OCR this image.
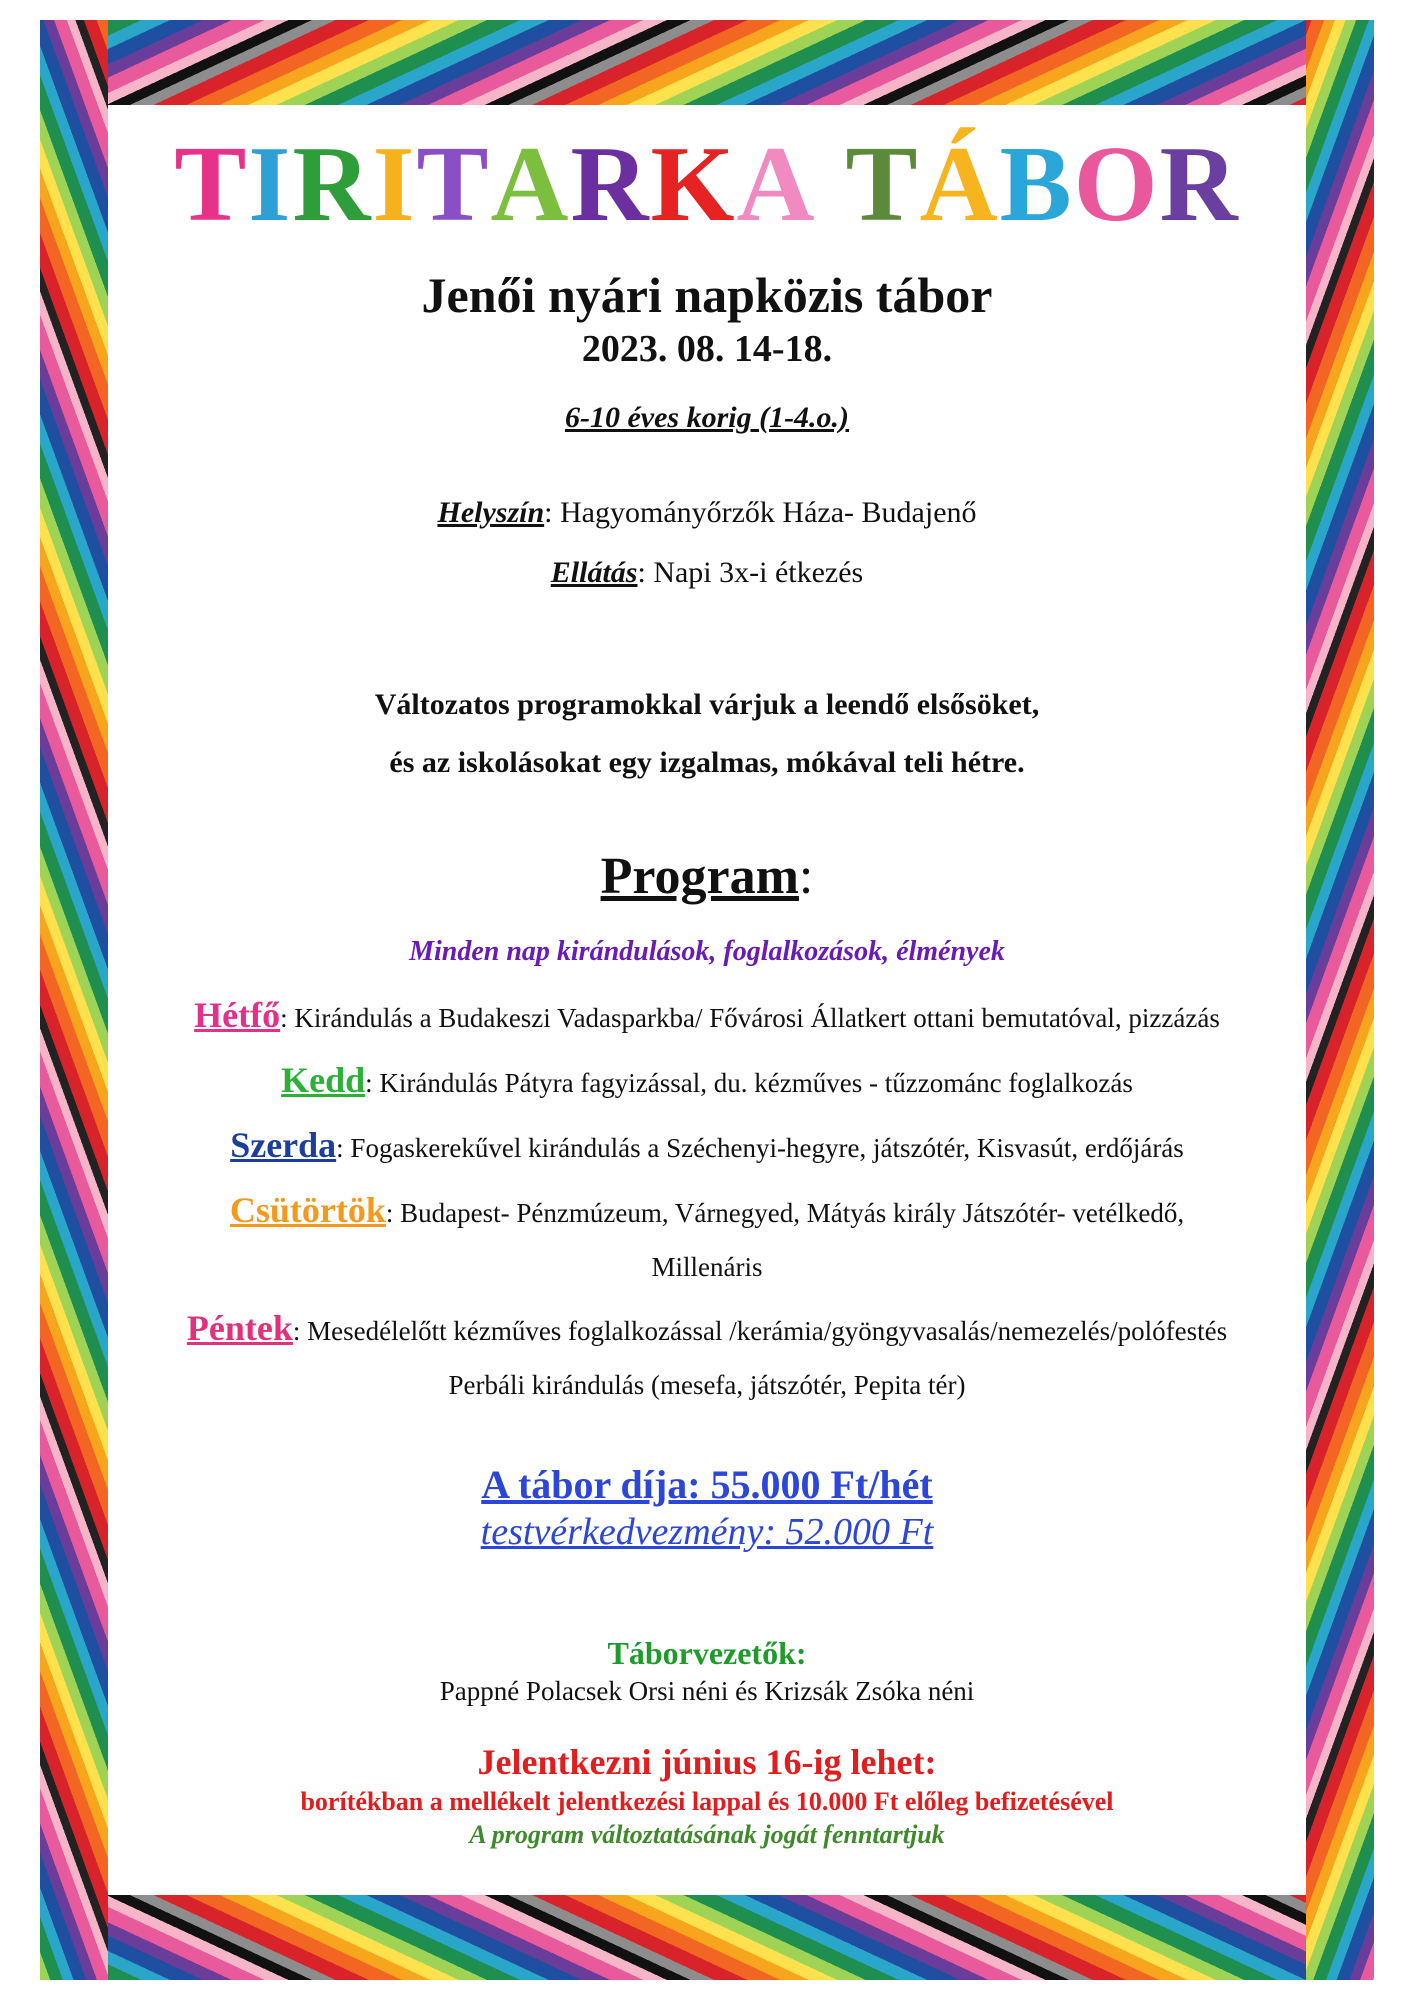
TIRITARKA TÁBOR
Jenői nyári napközis tábor
2023. 08. 14-18.
6-10 éves korig (1-4.o.)
Helyszín: Hagyományőrzők Háza- Budajenő
Ellátás: Napi 3x-i étkezés
Változatos programokkal várjuk a leendő elsősöket,
és az iskolásokat egy izgalmas, mókával teli hétre.
Program:
Minden nap kirándulások, foglalkozások, élmények
Hétfő: Kirándulás a Budakeszi Vadasparkba/ Fővárosi Állatkert ottani bemutatóval, pizzázás
Kedd: Kirándulás Pátyra fagyizással, du. kézműves - tűzzománc foglalkozás
Szerda: Fogaskerekűvel kirándulás a Széchenyi-hegyre, játszótér, Kisvasút, erdőjárás
Csütörtök: Budapest- Pénzmúzeum, Várnegyed, Mátyás király Játszótér- vetélkedő,
Millenáris
Péntek: Mesedélelőtt kézműves foglalkozással /kerámia/gyöngyvasalás/nemezelés/polófestés
Perbáli kirándulás (mesefa, játszótér, Pepita tér)
A tábor díja: 55.000 Ft/hét
testvérkedvezmény: 52.000 Ft
Táborvezetők:
Pappné Polacsek Orsi néni és Krizsák Zsóka néni
Jelentkezni június 16-ig lehet:
borítékban a mellékelt jelentkezési lappal és 10.000 Ft előleg befizetésével
A program változtatásának jogát fenntartjuk
